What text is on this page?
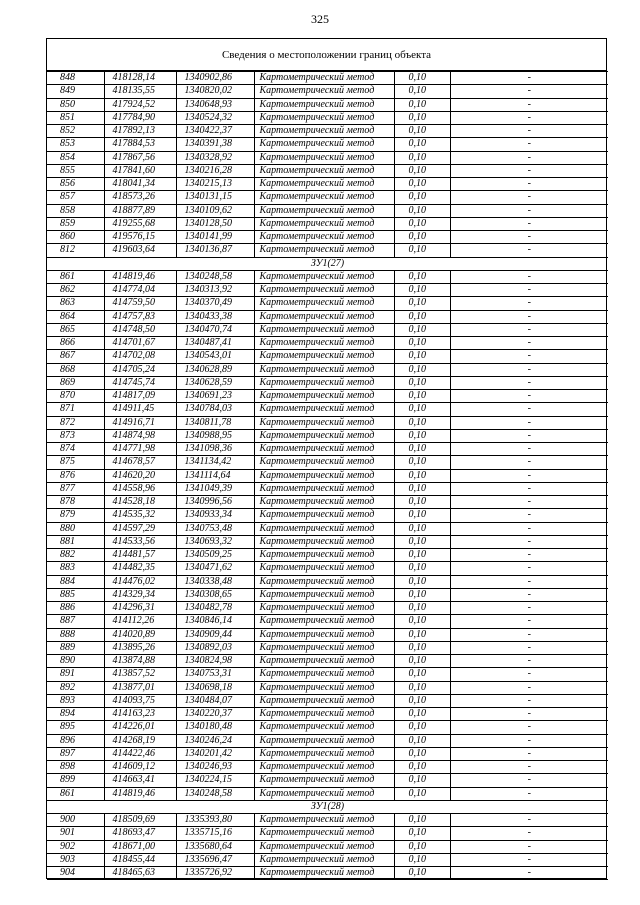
325
Сведения о местоположении границ объекта
848	418128,14	1340902,86	Картометрический метод	0,10	-
849	418135,55	1340820,02	Картометрический метод	0,10	-
850	417924,52	1340648,93	Картометрический метод	0,10	-
851	417784,90	1340524,32	Картометрический метод	0,10	-
852	417892,13	1340422,37	Картометрический метод	0,10	-
853	417884,53	1340391,38	Картометрический метод	0,10	-
854	417867,56	1340328,92	Картометрический метод	0,10	-
855	417841,60	1340216,28	Картометрический метод	0,10	-
856	418041,34	1340215,13	Картометрический метод	0,10	-
857	418573,26	1340131,15	Картометрический метод	0,10	-
858	418877,89	1340109,62	Картометрический метод	0,10	-
859	419255,68	1340128,50	Картометрический метод	0,10	-
860	419576,15	1340141,99	Картометрический метод	0,10	-
812	419603,64	1340136,87	Картометрический метод	0,10	-
ЗУ1(27)					
861	414819,46	1340248,58	Картометрический метод	0,10	-
862	414774,04	1340313,92	Картометрический метод	0,10	-
863	414759,50	1340370,49	Картометрический метод	0,10	-
864	414757,83	1340433,38	Картометрический метод	0,10	-
865	414748,50	1340470,74	Картометрический метод	0,10	-
866	414701,67	1340487,41	Картометрический метод	0,10	-
867	414702,08	1340543,01	Картометрический метод	0,10	-
868	414705,24	1340628,89	Картометрический метод	0,10	-
869	414745,74	1340628,59	Картометрический метод	0,10	-
870	414817,09	1340691,23	Картометрический метод	0,10	-
871	414911,45	1340784,03	Картометрический метод	0,10	-
872	414916,71	1340811,78	Картометрический метод	0,10	-
873	414874,98	1340988,95	Картометрический метод	0,10	-
874	414771,98	1341098,36	Картометрический метод	0,10	-
875	414678,57	1341134,42	Картометрический метод	0,10	-
876	414620,20	1341114,64	Картометрический метод	0,10	-
877	414558,96	1341049,39	Картометрический метод	0,10	-
878	414528,18	1340996,56	Картометрический метод	0,10	-
879	414535,32	1340933,34	Картометрический метод	0,10	-
880	414597,29	1340753,48	Картометрический метод	0,10	-
881	414533,56	1340693,32	Картометрический метод	0,10	-
882	414481,57	1340509,25	Картометрический метод	0,10	-
883	414482,35	1340471,62	Картометрический метод	0,10	-
884	414476,02	1340338,48	Картометрический метод	0,10	-
885	414329,34	1340308,65	Картометрический метод	0,10	-
886	414296,31	1340482,78	Картометрический метод	0,10	-
887	414112,26	1340846,14	Картометрический метод	0,10	-
888	414020,89	1340909,44	Картометрический метод	0,10	-
889	413895,26	1340892,03	Картометрический метод	0,10	-
890	413874,88	1340824,98	Картометрический метод	0,10	-
891	413857,52	1340753,31	Картометрический метод	0,10	-
892	413877,01	1340698,18	Картометрический метод	0,10	-
893	414093,75	1340484,07	Картометрический метод	0,10	-
894	414163,23	1340220,37	Картометрический метод	0,10	-
895	414226,01	1340180,48	Картометрический метод	0,10	-
896	414268,19	1340246,24	Картометрический метод	0,10	-
897	414422,46	1340201,42	Картометрический метод	0,10	-
898	414609,12	1340246,93	Картометрический метод	0,10	-
899	414663,41	1340224,15	Картометрический метод	0,10	-
861	414819,46	1340248,58	Картометрический метод	0,10	-
ЗУ1(28)					
900	418509,69	1335393,80	Картометрический метод	0,10	-
901	418693,47	1335715,16	Картометрический метод	0,10	-
902	418671,00	1335680,64	Картометрический метод	0,10	-
903	418455,44	1335696,47	Картометрический метод	0,10	-
904	418465,63	1335726,92	Картометрический метод	0,10	-
